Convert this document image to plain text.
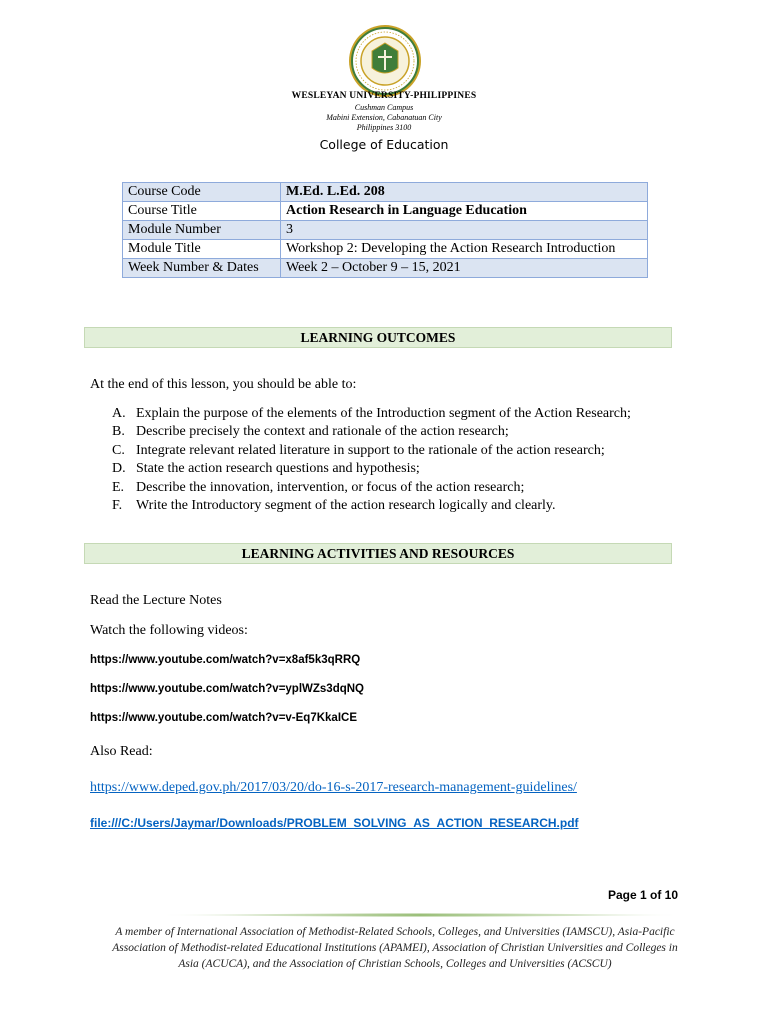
WESLEYAN UNIVERSITY-PHILIPPINES
Cushman Campus
Mabini Extension, Cabanatuan City
Philippines 3100
College of Education
Course Code	M.Ed. L.Ed. 208
Course Title	Action Research in Language Education
Module Number	3
Module Title	Workshop 2: Developing the Action Research Introduction
Week Number & Dates	Week 2 – October 9 – 15, 2021
LEARNING OUTCOMES
At the end of this lesson, you should be able to:
A. Explain the purpose of the elements of the Introduction segment of the Action Research;
B. Describe precisely the context and rationale of the action research;
C. Integrate relevant related literature in support to the rationale of the action research;
D. State the action research questions and hypothesis;
E. Describe the innovation, intervention, or focus of the action research;
F. Write the Introductory segment of the action research logically and clearly.
LEARNING ACTIVITIES AND RESOURCES
Read the Lecture Notes
Watch the following videos:
https://www.youtube.com/watch?v=x8af5k3qRRQ
https://www.youtube.com/watch?v=yplWZs3dqNQ
https://www.youtube.com/watch?v=v-Eq7KkaICE
Also Read:
https://www.deped.gov.ph/2017/03/20/do-16-s-2017-research-management-guidelines/
file:///C:/Users/Jaymar/Downloads/PROBLEM_SOLVING_AS_ACTION_RESEARCH.pdf
Page 1 of 10
A member of International Association of Methodist-Related Schools, Colleges, and Universities (IAMSCU), Asia-Pacific Association of Methodist-related Educational Institutions (APAMEI), Association of Christian Universities and Colleges in Asia (ACUCA), and the Association of Christian Schools, Colleges and Universities (ACSCU)
